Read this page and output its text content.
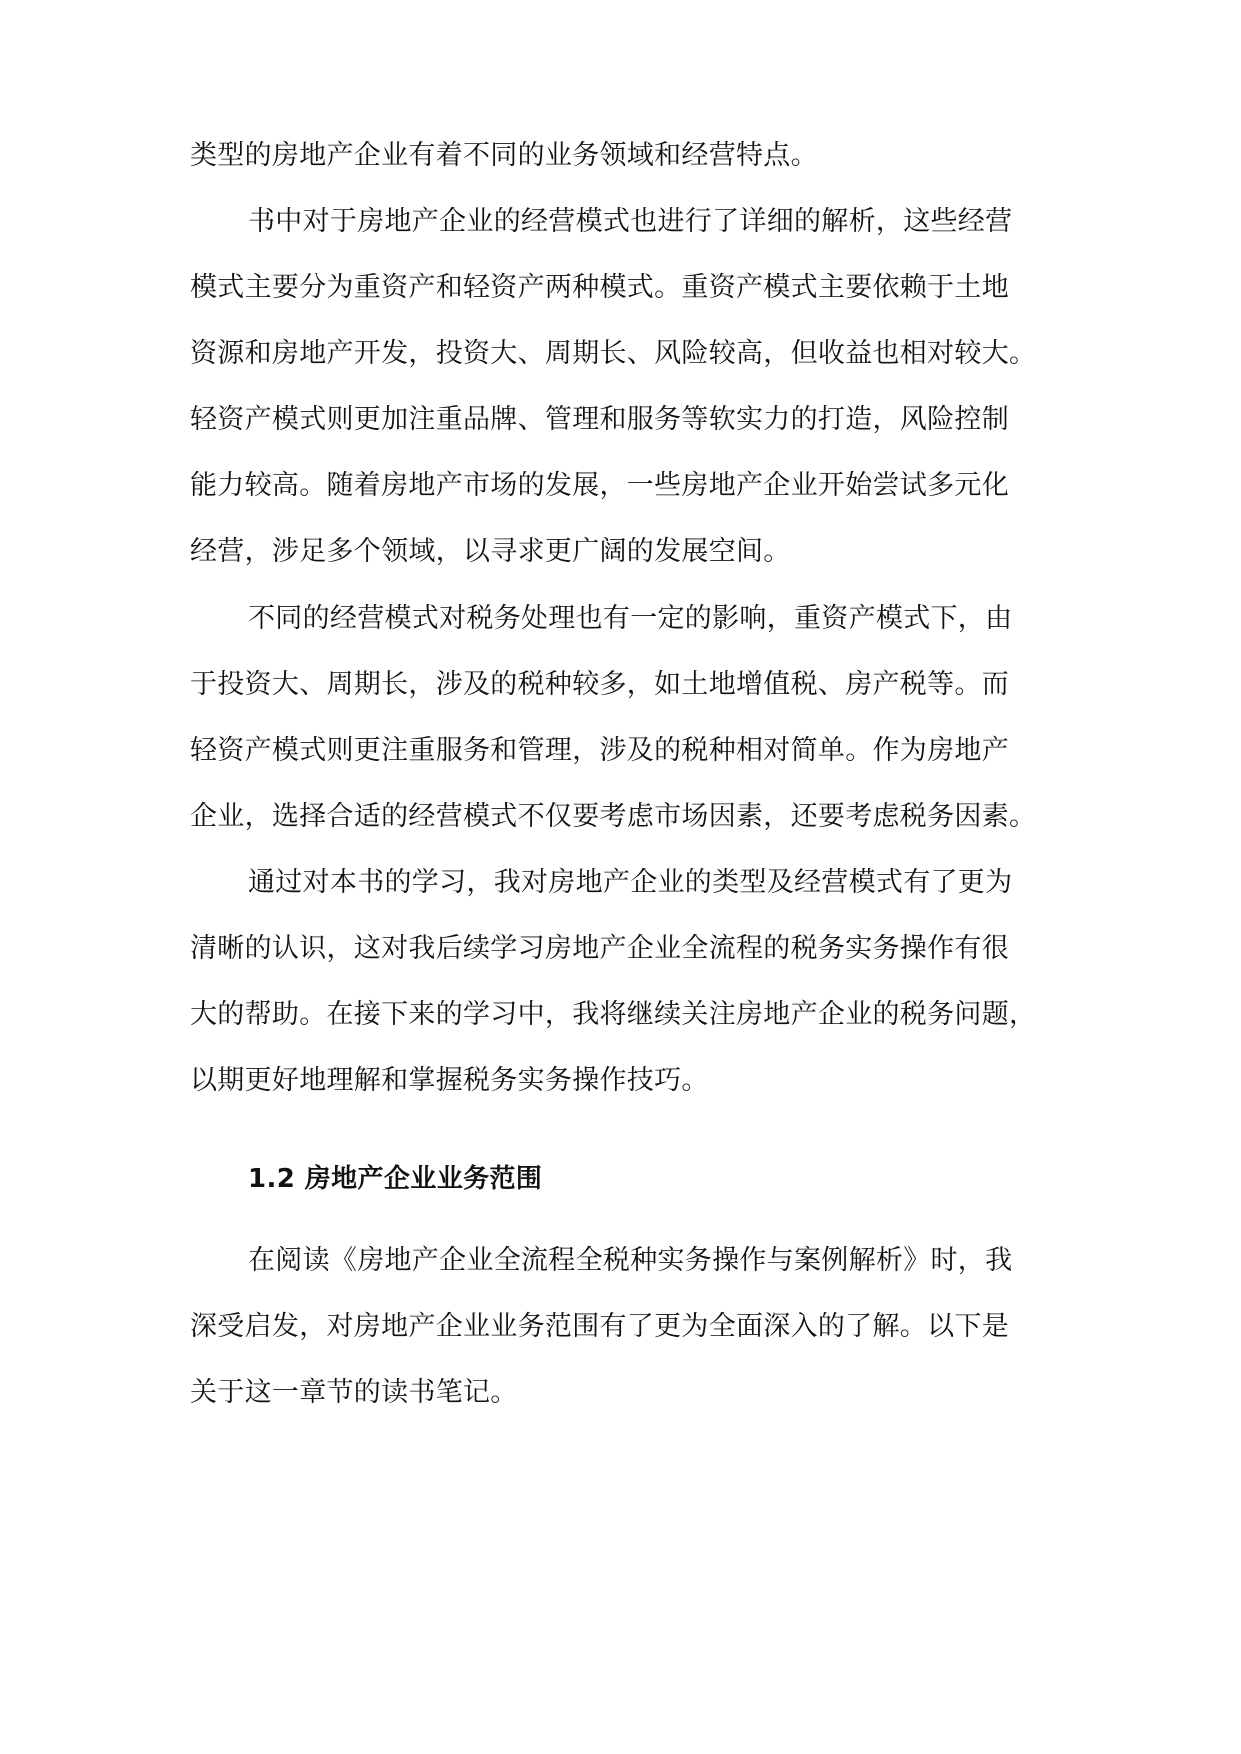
类型的房地产企业有着不同的业务领域和经营特点。
书中对于房地产企业的经营模式也进行了详细的解析，这些经营
模式主要分为重资产和轻资产两种模式。重资产模式主要依赖于土地
资源和房地产开发，投资大、周期长、风险较高，但收益也相对较大。
轻资产模式则更加注重品牌、管理和服务等软实力的打造，风险控制
能力较高。随着房地产市场的发展，一些房地产企业开始尝试多元化
经营，涉足多个领域，以寻求更广阔的发展空间。
不同的经营模式对税务处理也有一定的影响，重资产模式下，由
于投资大、周期长，涉及的税种较多，如土地增值税、房产税等。而
轻资产模式则更注重服务和管理，涉及的税种相对简单。作为房地产
企业，选择合适的经营模式不仅要考虑市场因素，还要考虑税务因素。
通过对本书的学习，我对房地产企业的类型及经营模式有了更为
清晰的认识，这对我后续学习房地产企业全流程的税务实务操作有很
大的帮助。在接下来的学习中，我将继续关注房地产企业的税务问题，
以期更好地理解和掌握税务实务操作技巧。
1.2 房地产企业业务范围
在阅读《房地产企业全流程全税种实务操作与案例解析》时，我
深受启发，对房地产企业业务范围有了更为全面深入的了解。以下是
关于这一章节的读书笔记。
